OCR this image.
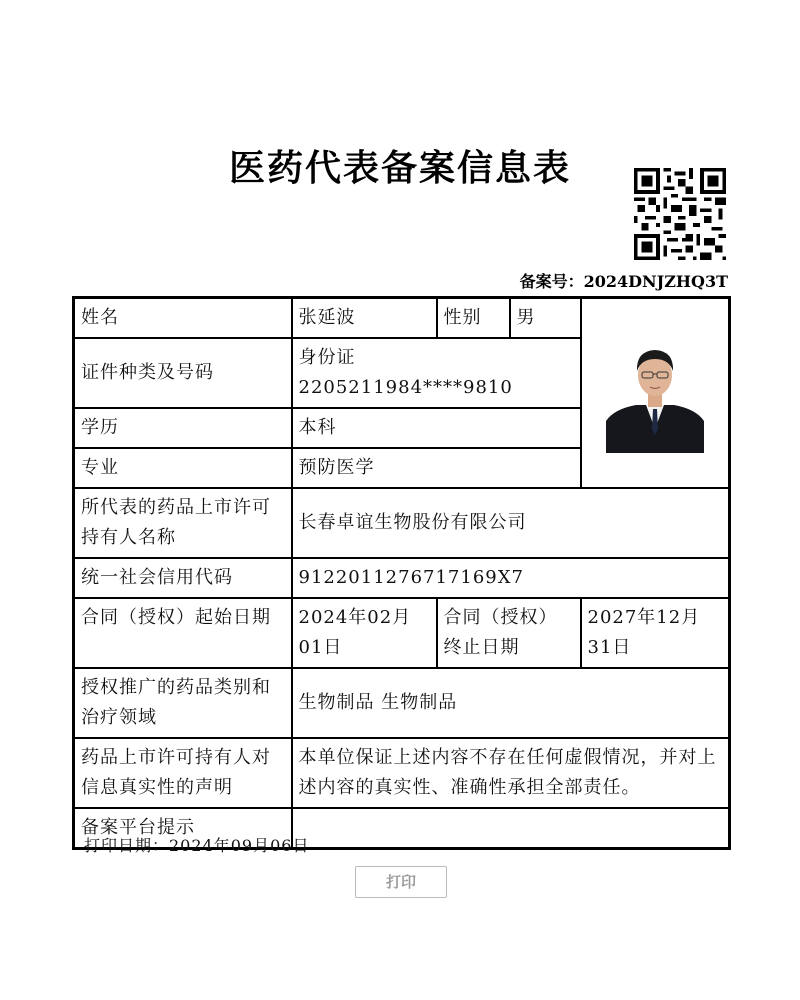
医药代表备案信息表
备案号：2024DNJZHQ3T
姓名	张延波	性别	男	

证件种类及号码	身份证 2205211984****9810			
学历	本科			
专业	预防医学			
所代表的药品上市许可持有人名称	长春卓谊生物股份有限公司			
统一社会信用代码	9122011276717169X7			
合同（授权）起始日期	2024年02月01日	合同（授权）终止日期		2027年12月31日
授权推广的药品类别和治疗领域	生物制品 生物制品			
药品上市许可持有人对信息真实性的声明	本单位保证上述内容不存在任何虚假情况，并对上述内容的真实性、准确性承担全部责任。			
备案平台提示				
打印日期：2024年09月06日
打印
